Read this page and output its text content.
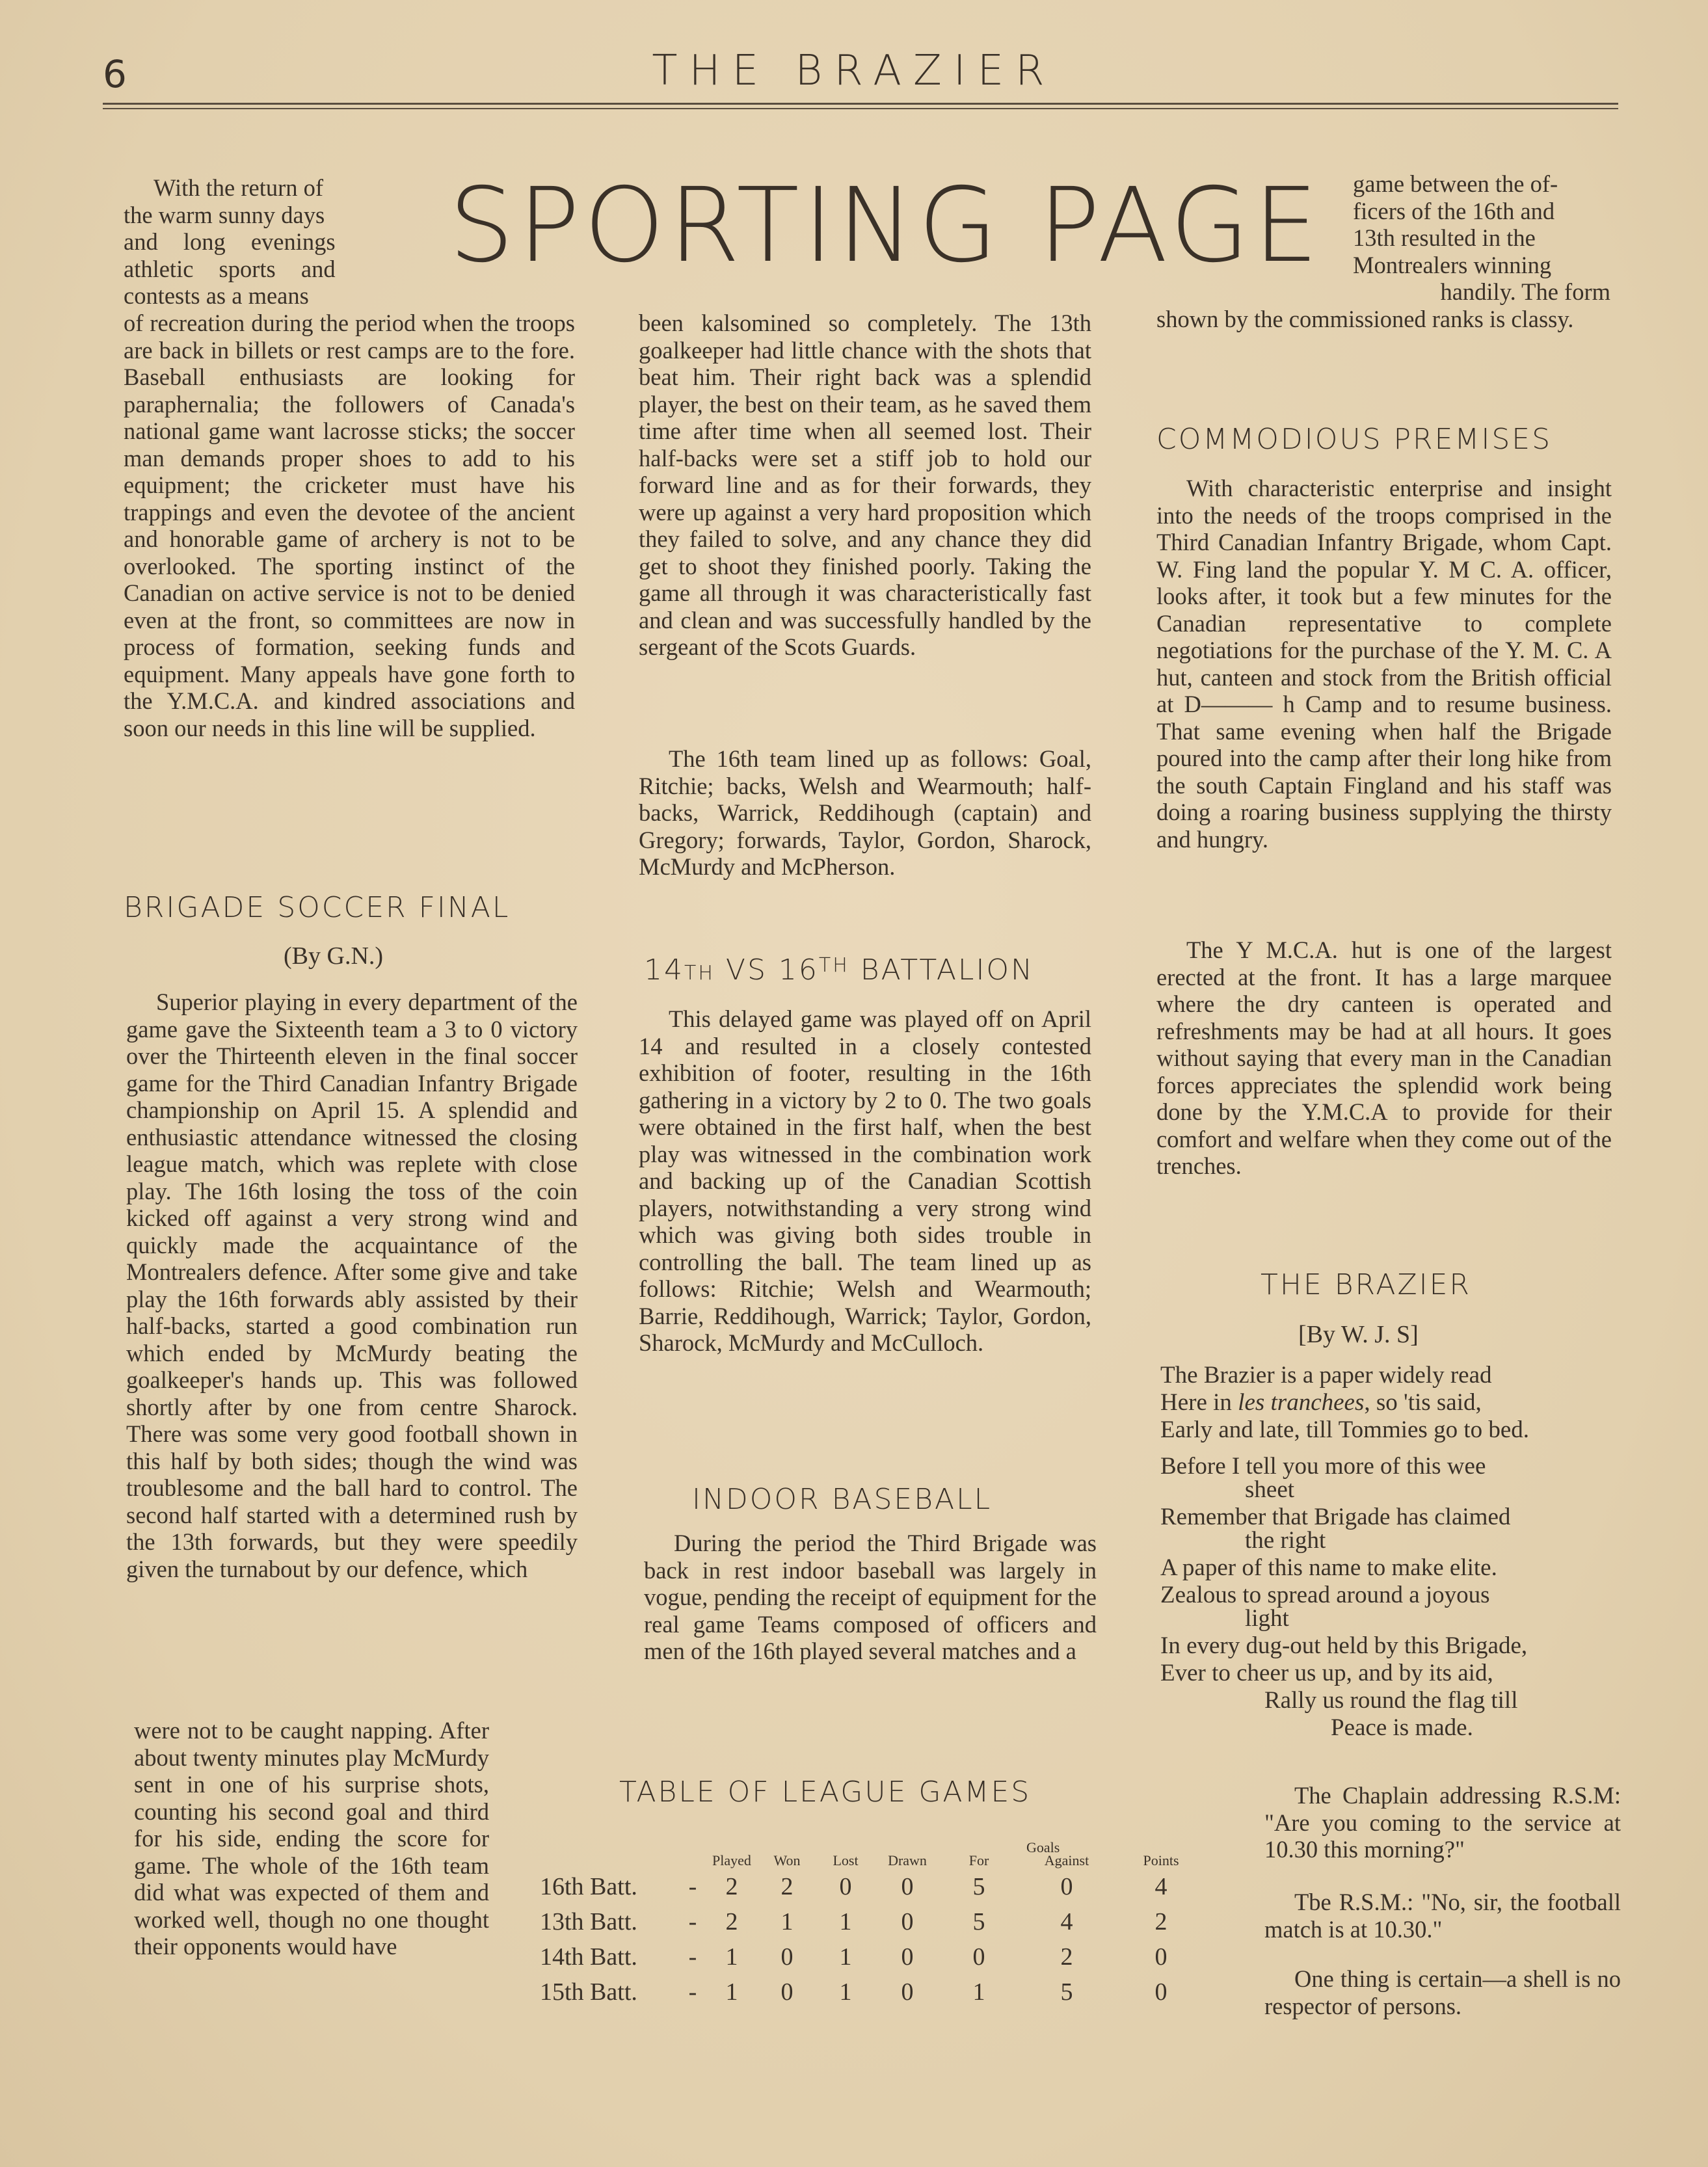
6	THE BRAZIER
SPORTING PAGE
With the return of
the warm sunny days
and long evenings
athletic sports and
contests as a means
of recreation during the period when the troops are back in billets or rest camps are to the fore. Baseball enthusiasts are looking for paraphernalia; the followers of Canada's national game want lacrosse sticks; the soccer man demands proper shoes to add to his equipment; the cricketer must have his trappings and even the devotee of the ancient and honorable game of archery is not to be overlooked. The sporting instinct of the Canadian on active service is not to be denied even at the front, so committees are now in process of formation, seeking funds and equipment. Many appeals have gone forth to the Y.M.C.A. and kindred associations and soon our needs in this line will be supplied.
BRIGADE SOCCER FINAL
(By G.N.)
Superior playing in every department of the game gave the Sixteenth team a 3 to 0 victory over the Thirteenth eleven in the final soccer game for the Third Canadian Infantry Brigade championship on April 15. A splendid and enthusiastic attendance witnessed the closing league match, which was replete with close play. The 16th losing the toss of the coin kicked off against a very strong wind and quickly made the acquaintance of the Montrealers defence. After some give and take play the 16th forwards ably assisted by their half-backs, started a good combination run which ended by McMurdy beating the goalkeeper's hands up. This was followed shortly after by one from centre Sharock. There was some very good football shown in this half by both sides; though the wind was troublesome and the ball hard to control. The second half started with a determined rush by the 13th forwards, but they were speedily given the turnabout by our defence, which
were not to be caught napping. After about twenty minutes play McMurdy sent in one of his surprise shots, counting his second goal and third for his side, ending the score for game. The whole of the 16th team did what was expected of them and worked well, though no one thought their opponents would have
been kalsomined so completely. The 13th goalkeeper had little chance with the shots that beat him. Their right back was a splendid player, the best on their team, as he saved them time after time when all seemed lost. Their half-backs were set a stiff job to hold our forward line and as for their forwards, they were up against a very hard proposition which they failed to solve, and any chance they did get to shoot they finished poorly. Taking the game all through it was characteristically fast and clean and was successfully handled by the sergeant of the Scots Guards.
The 16th team lined up as follows: Goal, Ritchie; backs, Welsh and Wearmouth; half-backs, Warrick, Reddihough (captain) and Gregory; forwards, Taylor, Gordon, Sharock, McMurdy and McPherson.
14TH VS 16TH BATTALION
This delayed game was played off on April 14 and resulted in a closely contested exhibition of footer, resulting in the 16th gathering in a victory by 2 to 0. The two goals were obtained in the first half, when the best play was witnessed in the combination work and backing up of the Canadian Scottish players, notwithstanding a very strong wind which was giving both sides trouble in controlling the ball. The team lined up as follows: Ritchie; Welsh and Wearmouth; Barrie, Reddihough, Warrick; Taylor, Gordon, Sharock, McMurdy and McCulloch.
INDOOR BASEBALL
During the period the Third Brigade was back in rest indoor baseball was largely in vogue, pending the receipt of equipment for the real game Teams composed of officers and men of the 16th played several matches and a
game between the of-
ficers of the 16th and
13th resulted in the
Montrealers winning
handily. The form
shown by the commissioned ranks is classy.
COMMODIOUS PREMISES
With characteristic enterprise and insight into the needs of the troops comprised in the Third Canadian Infantry Brigade, whom Capt. W. Fing land the popular Y. M C. A. officer, looks after, it took but a few minutes for the Canadian representative to complete negotiations for the purchase of the Y. M. C. A hut, canteen and stock from the British official at D——— h Camp and to resume business. That same evening when half the Brigade poured into the camp after their long hike from the south Captain Fingland and his staff was doing a roaring business supplying the thirsty and hungry.
The Y M.C.A. hut is one of the largest erected at the front. It has a large marquee where the dry canteen is operated and refreshments may be had at all hours. It goes without saying that every man in the Canadian forces appreciates the splendid work being done by the Y.M.C.A to provide for their comfort and welfare when they come out of the trenches.
THE BRAZIER
[By W. J. S]
The Brazier is a paper widely read
Here in les tranchees, so 'tis said,
Early and late, till Tommies go to bed.
Before I tell you more of this wee
sheet
Remember that Brigade has claimed
the right
A paper of this name to make elite.
Zealous to spread around a joyous
light
In every dug-out held by this Brigade,
Ever to cheer us up, and by its aid,
Rally us round the flag till
Peace is made.
The Chaplain addressing R.S.M: "Are you coming to the service at 10.30 this morning?"
Tbe R.S.M.: "No, sir, the football match is at 10.30."
One thing is certain—a shell is no respector of persons.
TABLE OF LEAGUE GAMES
Goals
		Played	Won	Lost	Drawn	For	Against	Points
16th Batt.	-	2	2	0	0	5	0	4
13th Batt.	-	2	1	1	0	5	4	2
14th Batt.	-	1	0	1	0	0	2	0
15th Batt.	-	1	0	1	0	1	5	0
